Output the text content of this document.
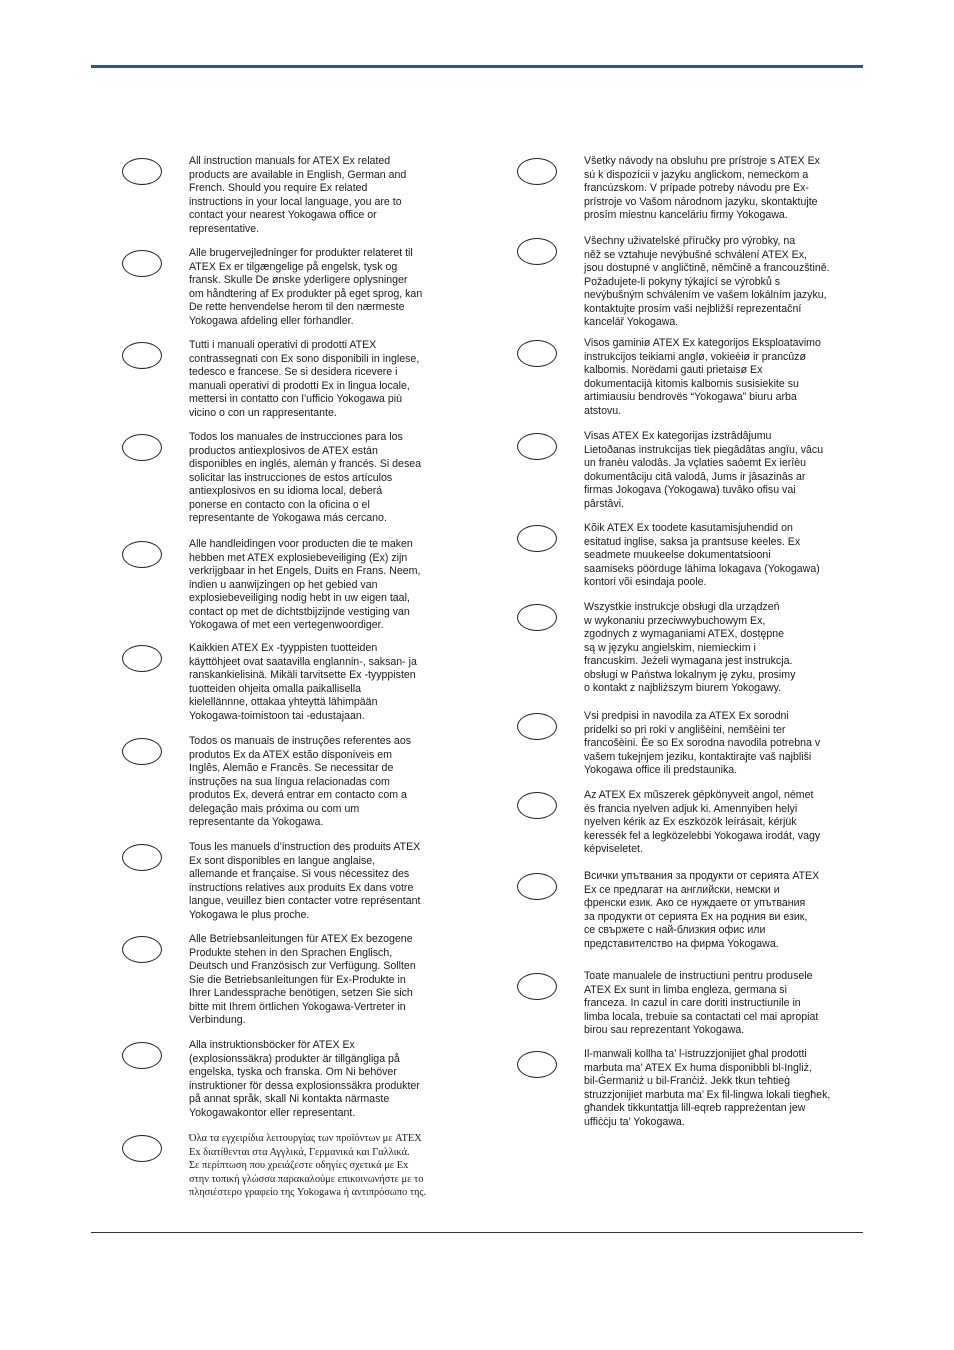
All instruction manuals for ATEX Ex related
products are available in English, German and
French. Should you require Ex related
instructions in your local language, you are to
contact your nearest Yokogawa office or
representative.

Alle brugervejledninger for produkter relateret til
ATEX Ex er tilgængelige på engelsk, tysk og
fransk. Skulle De ønske yderligere oplysninger
om håndtering af Ex produkter på eget sprog, kan
De rette henvendelse herom til den nærmeste
Yokogawa afdeling eller forhandler.

Tutti i manuali operativi di prodotti ATEX
contrassegnati con Ex sono disponibili in inglese,
tedesco e francese. Se si desidera ricevere i
manuali operativi di prodotti Ex in lingua locale,
mettersi in contatto con l’ufficio Yokogawa più
vicino o con un rappresentante.

Todos los manuales de instrucciones para los
productos antiexplosivos de ATEX están
disponibles en inglés, alemán y francés. Si desea
solicitar las instrucciones de estos artículos
antiexplosivos en su idioma local, deberá
ponerse en contacto con la oficina o el
representante de Yokogawa más cercano.

Alle handleidingen voor producten die te maken
hebben met ATEX explosiebeveiliging (Ex) zijn
verkrijgbaar in het Engels, Duits en Frans. Neem,
indien u aanwijzingen op het gebied van
explosiebeveiliging nodig hebt in uw eigen taal,
contact op met de dichtstbijzijnde vestiging van
Yokogawa of met een vertegenwoordiger.

Kaikkien ATEX Ex -tyyppisten tuotteiden
käyttöhjeet ovat saatavilla englannin-, saksan- ja
ranskankielisinä. Mikäli tarvitsette Ex -tyyppisten
tuotteiden ohjeita omalla paikallisella
kielellännne, ottakaa yhteyttä lähimpään
Yokogawa-toimistoon tai -edustajaan.

Todos os manuais de instruções referentes aos
produtos Ex da ATEX estão disponíveis em
Inglês, Alemão e Francês. Se necessitar de
instruções na sua língua relacionadas com
produtos Ex, deverá entrar em contacto com a
delegação mais próxima ou com um
representante da Yokogawa.

Tous les manuels d’instruction des produits ATEX
Ex sont disponibles en langue anglaise,
allemande et française. Si vous nécessitez des
instructions relatives aux produits Ex dans votre
langue, veuillez bien contacter votre représentant
Yokogawa le plus proche.

Alle Betriebsanleitungen für ATEX Ex bezogene
Produkte stehen in den Sprachen Englisch,
Deutsch und Französisch zur Verfügung. Sollten
Sie die Betriebsanleitungen für Ex-Produkte in
Ihrer Landessprache benötigen, setzen Sie sich
bitte mit Ihrem örtlichen Yokogawa-Vertreter in
Verbindung.

Alla instruktionsböcker för ATEX Ex
(explosionssäkra) produkter är tillgängliga på
engelska, tyska och franska. Om Ni behöver
instruktioner för dessa explosionssäkra produkter
på annat språk, skall Ni kontakta närmaste
Yokogawakontor eller representant.

Όλα τα εγχειρίδια λειτουργίας των προϊόντων με ATEX
Ex διατίθενται στα Αγγλικά, Γερμανικά και Γαλλικά.
Σε περίπτωση που χρειάζεστε οδηγίες σχετικά με Ex
στην τοπική γλώσσα παρακαλούμε επικοινωνήστε με το
πλησιέστερο γραφείο της Yokogawa ή αντιπρόσωπο της.

Všetky návody na obsluhu pre prístroje s ATEX Ex
sú k dispozícii v jazyku anglickom, nemeckom a
francúzskom. V prípade potreby návodu pre Ex-
prístroje vo Vašom národnom jazyku, skontaktujte
prosím miestnu kanceláriu firmy Yokogawa.

Všechny uživatelské příručky pro výrobky, na
něž se vztahuje nevýbušné schválení ATEX Ex,
jsou dostupné v angličtině, němčině a francouzštině.
Požadujete-li pokyny týkající se výrobků s
nevýbušným schválením ve vašem lokálním jazyku,
kontaktujte prosím vaši nejbližší reprezentační
kancelář Yokogawa.

Visos gaminiø ATEX Ex kategorijos Eksploatavimo
instrukcijos teikiami anglø, vokieèiø ir prancûzø
kalbomis. Norëdami gauti prietaisø Ex
dokumentacijà kitomis kalbomis susisiekite su
artimiausiu bendrovës “Yokogawa” biuru arba
atstovu.

Visas ATEX Ex kategorijas izstrâdâjumu
Lietoðanas instrukcijas tiek piegâdâtas angïu, vâcu
un franèu valodâs. Ja vçlaties saòemt Ex ierîèu
dokumentâciju citâ valodâ, Jums ir jâsazinâs ar
firmas Jokogava (Yokogawa) tuvâko ofisu vai
pârstâvi.

Kõik ATEX Ex toodete kasutamisjuhendid on
esitatud inglise, saksa ja prantsuse keeles. Ex
seadmete muukeelse dokumentatsiooni
saamiseks pöörduge lähima lokagava (Yokogawa)
kontori või esindaja poole.

Wszystkie instrukcje obsługi dla urządzeń
w wykonaniu przeciwwybuchowym Ex,
zgodnych z wymaganiami ATEX, dostępne
są w języku angielskim, niemieckim i
francuskim. Jeżeli wymagana jest instrukcja.
obsługi w Państwa lokalnym ję zyku, prosimy
o kontakt z najbliższym biurem Yokogawy.

Vsi predpisi in navodila za ATEX Ex sorodni
pridelki so pri roki v anglišèini, nemšèini ter
francošèini. Èe so Ex sorodna navodila potrebna v
vašem tukejnjem jeziku, kontaktirajte vaš najbliši
Yokogawa office ili predstaunika.

Az ATEX Ex műszerek gépkönyveit angol, német
és francia nyelven adjuk ki. Amennyiben helyi
nyelven kérik az Ex eszközök leírásait, kérjük
keressék fel a legközelebbi Yokogawa irodát, vagy
képviseletet.

Всички упътвания за продукти от серията АТЕХ
Ех се предлагат на английски, немски и
френски език. Ако се нуждаете от упътвания
за продукти от серията Ех на родния ви език,
се свържете с най-близкия офис или
представителство на фирма Yokogawa.

Toate manualele de instructiuni pentru produsele
ATEX Ex sunt in limba engleza, germana si
franceza. In cazul in care doriti instructiunile in
limba locala, trebuie sa contactati cel mai apropiat
birou sau reprezentant Yokogawa.

Il-manwali kollha ta’ l-istruzzjonijiet għal prodotti
marbuta ma’ ATEX Ex huma disponibbli bl-Ingliż,
bil-Ġermaniż u bil-Franċiż. Jekk tkun teħtieġ
struzzjonijiet marbuta ma’ Ex fil-lingwa lokali tiegħek,
għandek tikkuntattja lill-eqreb rappreżentan jew
uffiċċju ta’ Yokogawa.
